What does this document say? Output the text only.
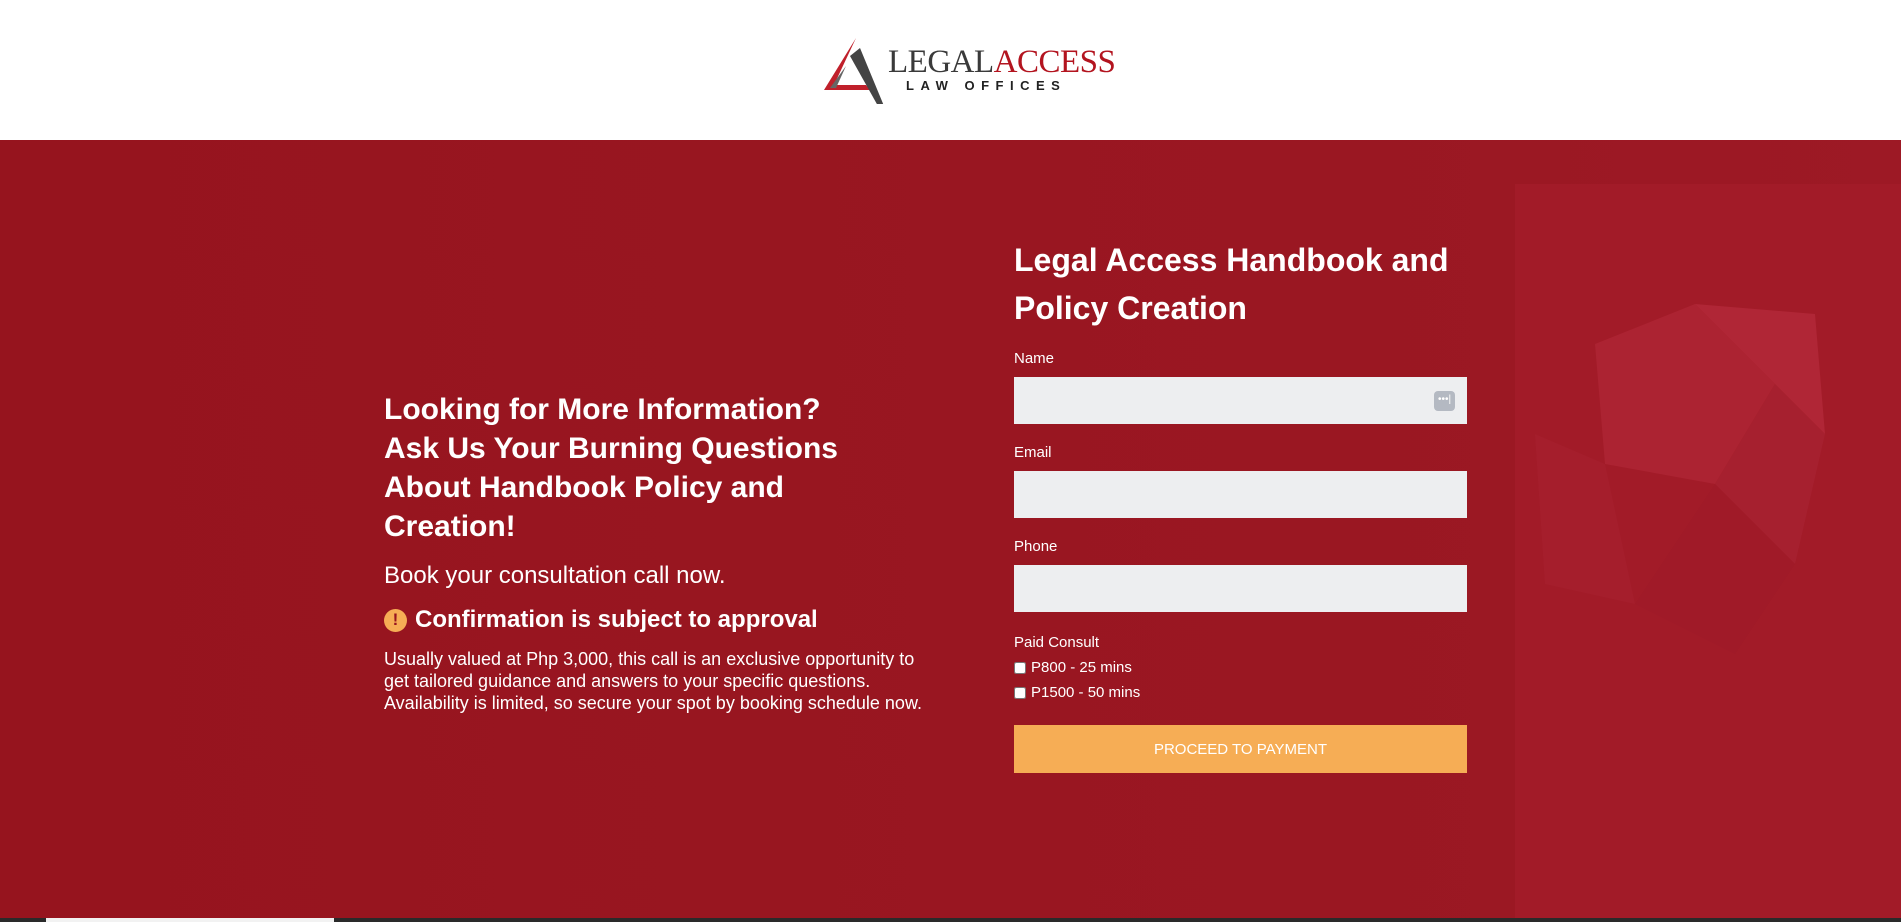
LEGALACCESS
LAW OFFICES
Looking for More Information? Ask Us Your Burning Questions About Handbook Policy and Creation!
Book your consultation call now.
! Confirmation is subject to approval

Usually valued at Php 3,000, this call is an exclusive opportunity to get tailored guidance and answers to your specific questions. Availability is limited, so secure your spot by booking schedule now.

Legal Access Handbook and Policy Creation
Name
•••|
Email
Phone
Paid Consult
P800 - 25 mins
P1500 - 50 mins
PROCEED TO PAYMENT
